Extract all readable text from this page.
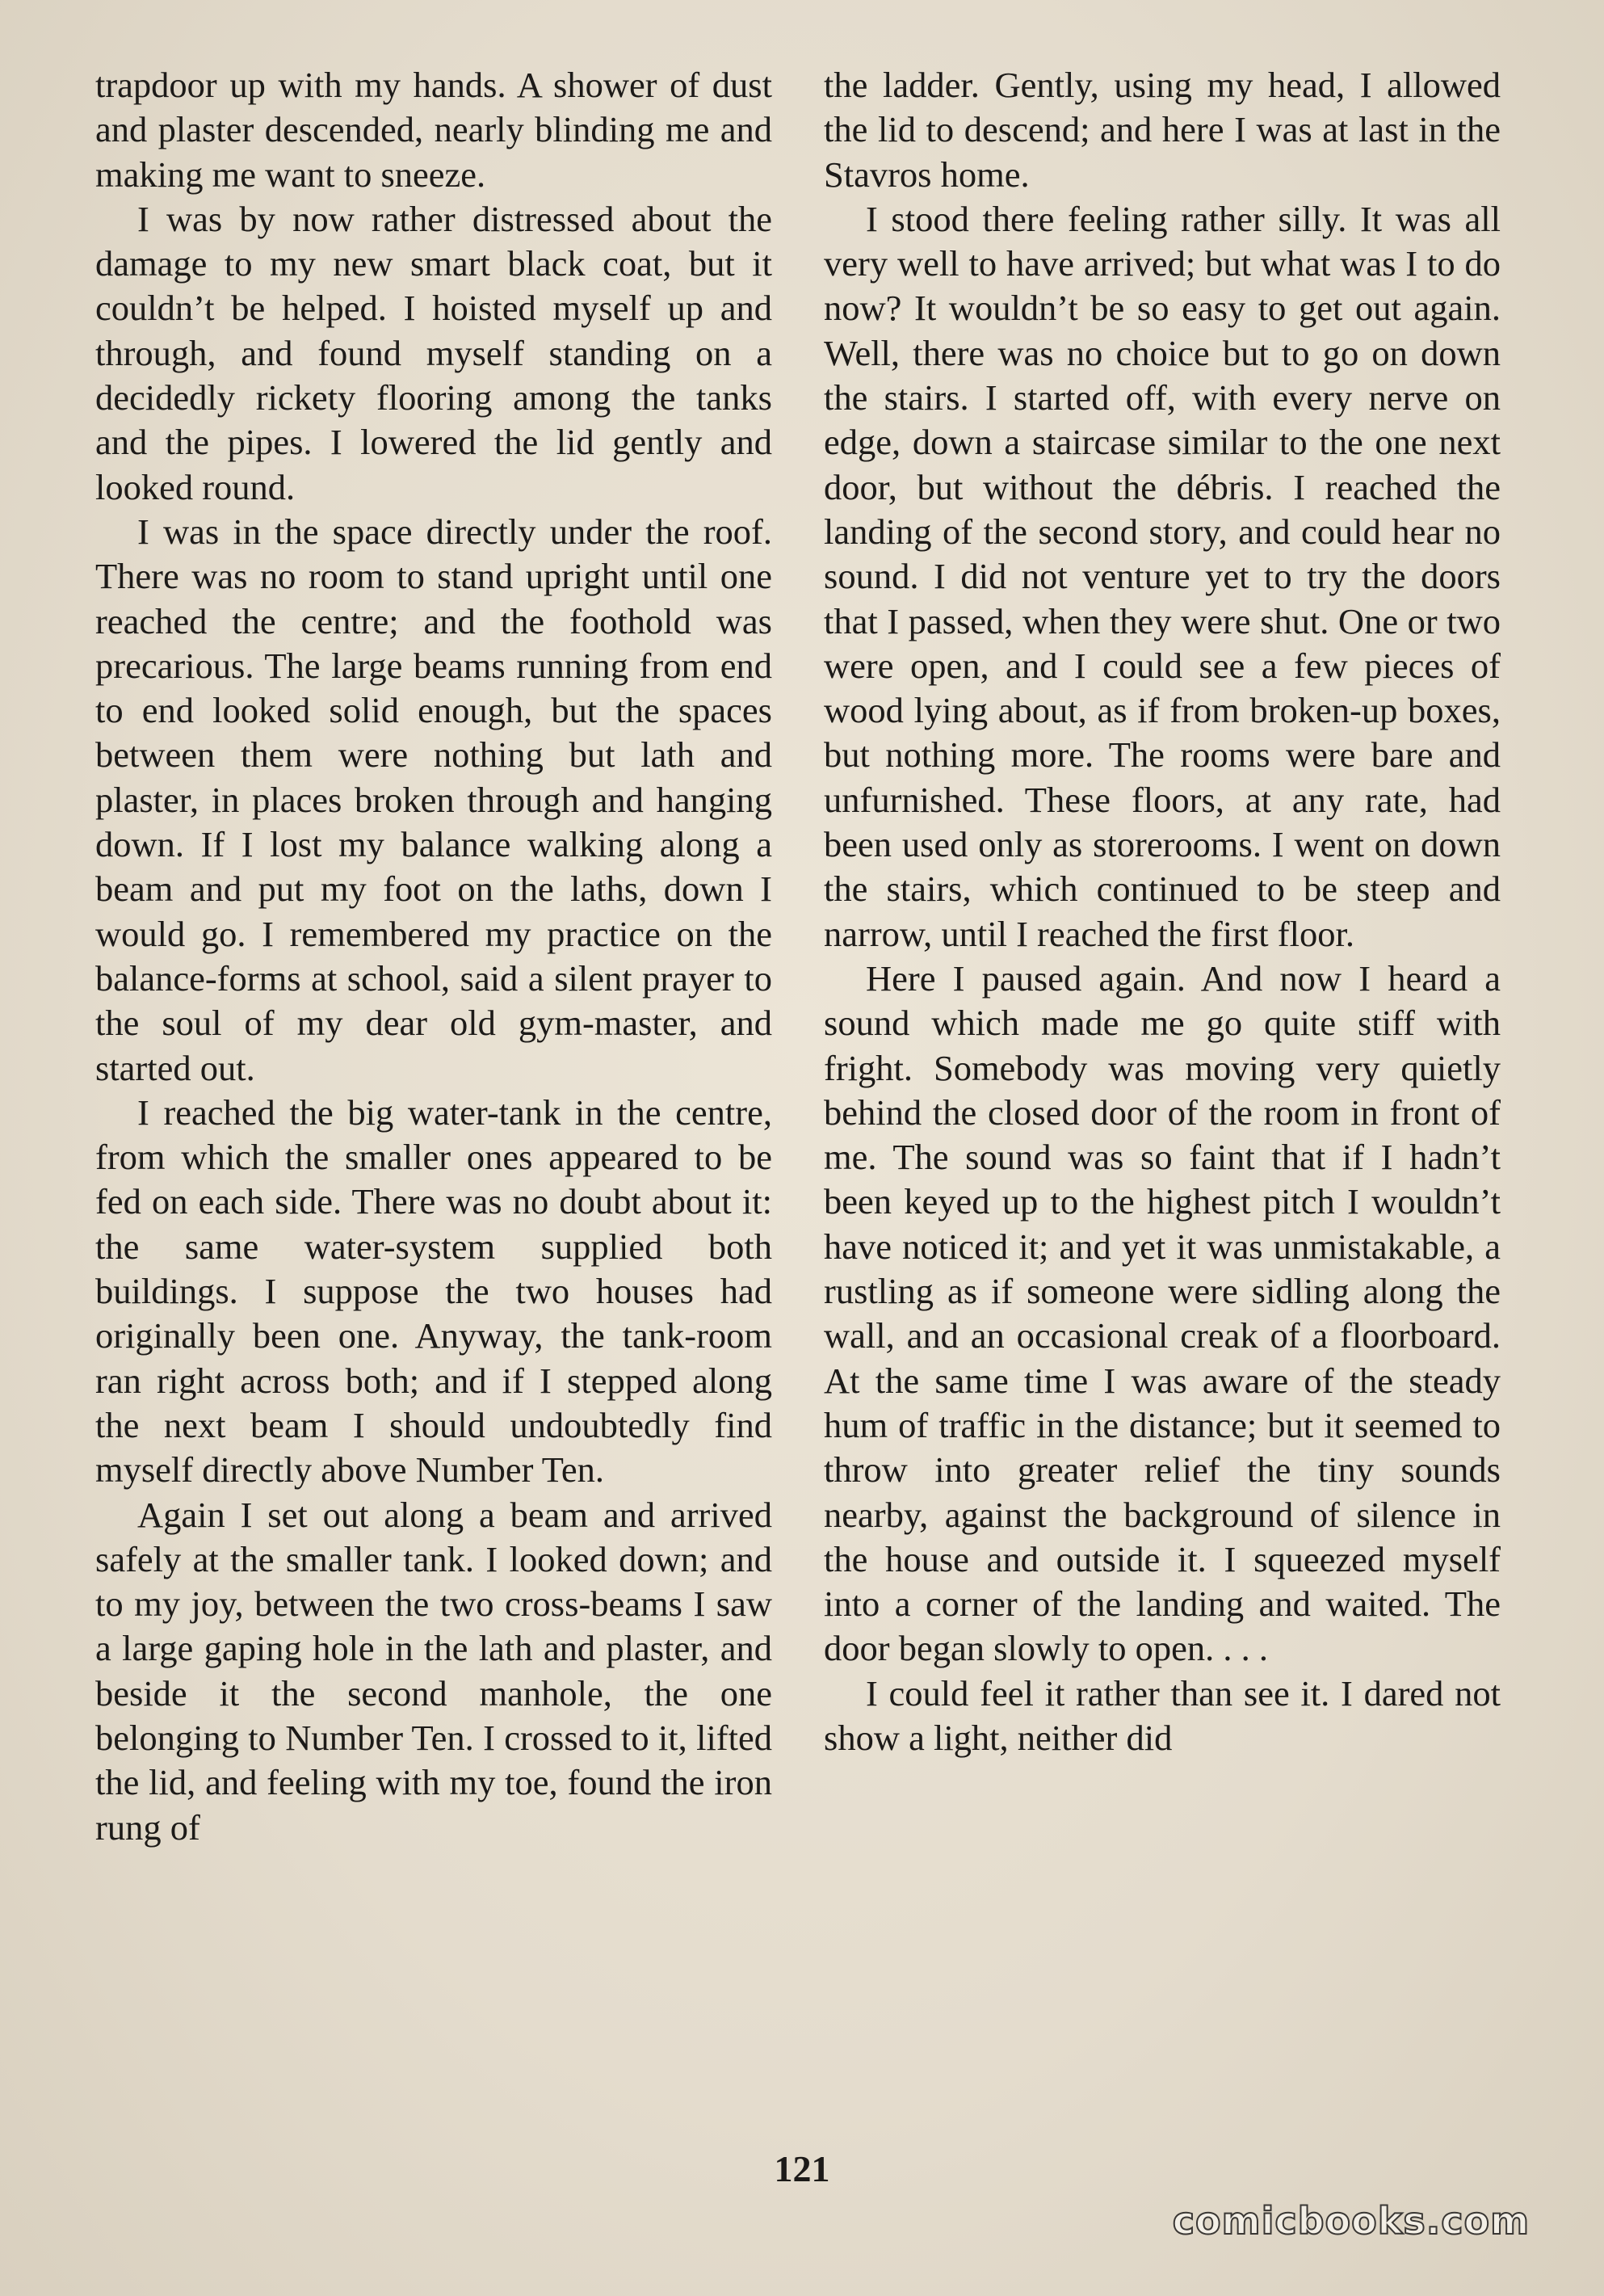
trapdoor up with my hands. A shower of dust and plaster descended, nearly blinding me and making me want to sneeze.

I was by now rather distressed about the damage to my new smart black coat, but it couldn’t be helped. I hoisted myself up and through, and found myself standing on a decidedly rickety flooring among the tanks and the pipes. I lowered the lid gently and looked round.

I was in the space directly under the roof. There was no room to stand upright until one reached the centre; and the foothold was precarious. The large beams running from end to end looked solid enough, but the spaces between them were nothing but lath and plaster, in places broken through and hanging down. If I lost my balance walking along a beam and put my foot on the laths, down I would go. I remembered my practice on the balance-forms at school, said a silent prayer to the soul of my dear old gym-master, and started out.

I reached the big water-tank in the centre, from which the smaller ones appeared to be fed on each side. There was no doubt about it: the same water-system supplied both buildings. I suppose the two houses had originally been one. Anyway, the tank-room ran right across both; and if I stepped along the next beam I should undoubtedly find myself directly above Number Ten.

Again I set out along a beam and arrived safely at the smaller tank. I looked down; and to my joy, between the two cross-beams I saw a large gaping hole in the lath and plaster, and beside it the second manhole, the one belonging to Number Ten. I crossed to it, lifted the lid, and feeling with my toe, found the iron rung of

the ladder. Gently, using my head, I allowed the lid to descend; and here I was at last in the Stavros home.

I stood there feeling rather silly. It was all very well to have arrived; but what was I to do now? It wouldn’t be so easy to get out again. Well, there was no choice but to go on down the stairs. I started off, with every nerve on edge, down a staircase similar to the one next door, but without the débris. I reached the landing of the second story, and could hear no sound. I did not venture yet to try the doors that I passed, when they were shut. One or two were open, and I could see a few pieces of wood lying about, as if from broken-up boxes, but nothing more. The rooms were bare and unfurnished. These floors, at any rate, had been used only as storerooms. I went on down the stairs, which continued to be steep and narrow, until I reached the first floor.

Here I paused again. And now I heard a sound which made me go quite stiff with fright. Somebody was moving very quietly behind the closed door of the room in front of me. The sound was so faint that if I hadn’t been keyed up to the highest pitch I wouldn’t have noticed it; and yet it was unmistakable, a rustling as if someone were sidling along the wall, and an occasional creak of a floorboard. At the same time I was aware of the steady hum of traffic in the distance; but it seemed to throw into greater relief the tiny sounds nearby, against the background of silence in the house and outside it. I squeezed myself into a corner of the landing and waited. The door began slowly to open. . . .

I could feel it rather than see it. I dared not show a light, neither did

121
comicbooks.com
